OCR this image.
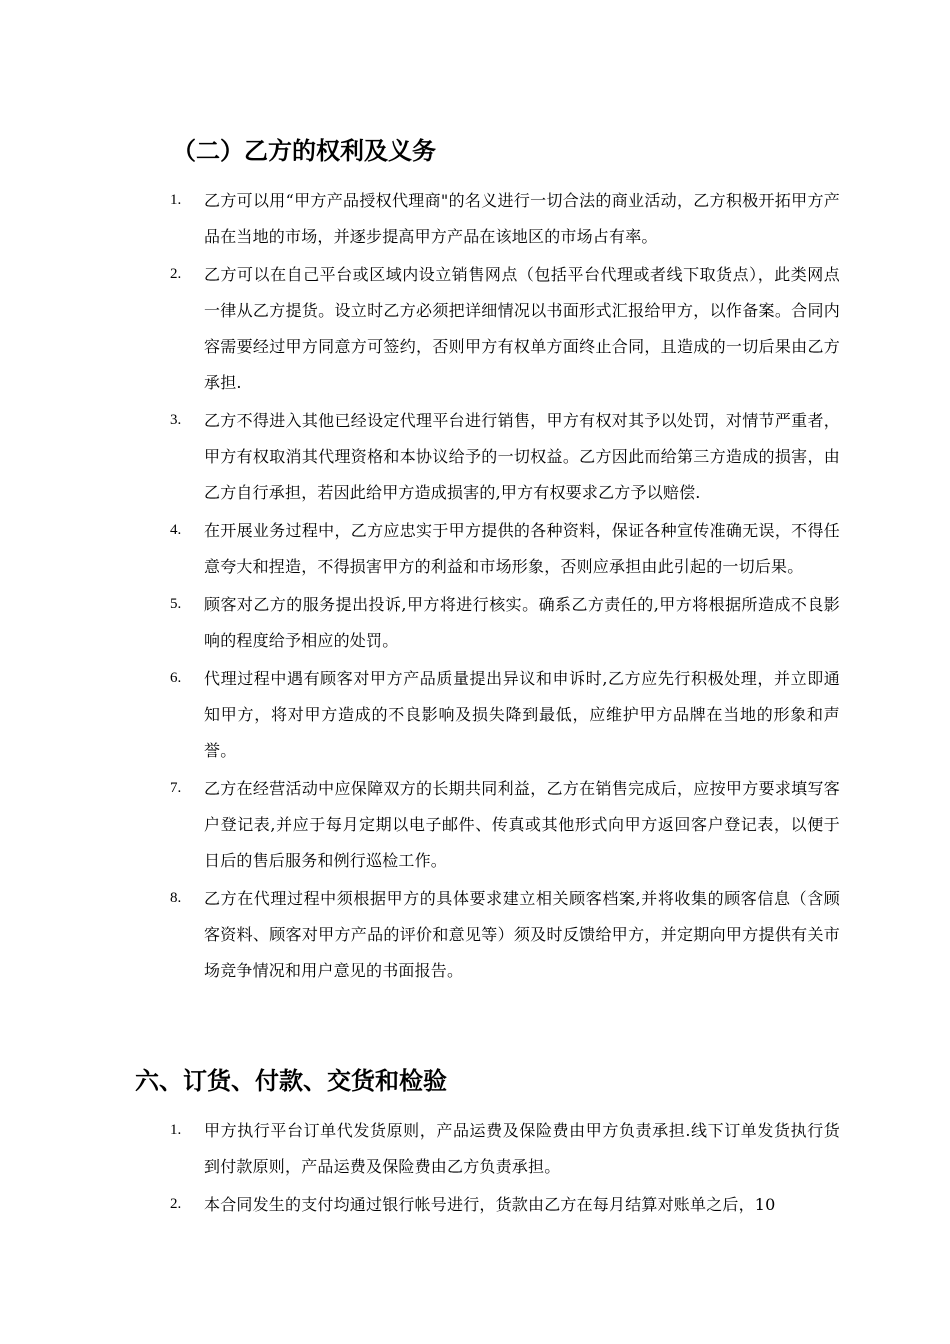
（二）乙方的权利及义务
1.	乙方可以用“甲方产品授权代理商"的名义进行一切合法的商业活动，乙方积极开拓甲方产品在当地的市场，并逐步提高甲方产品在该地区的市场占有率。
2.	乙方可以在自己平台或区域内设立销售网点（包括平台代理或者线下取货点），此类网点一律从乙方提货。设立时乙方必须把详细情况以书面形式汇报给甲方，以作备案。合同内容需要经过甲方同意方可签约，否则甲方有权单方面终止合同，且造成的一切后果由乙方承担.
3.	乙方不得进入其他已经设定代理平台进行销售，甲方有权对其予以处罚，对情节严重者，甲方有权取消其代理资格和本协议给予的一切权益。乙方因此而给第三方造成的损害，由乙方自行承担，若因此给甲方造成损害的,甲方有权要求乙方予以赔偿.
4.	在开展业务过程中，乙方应忠实于甲方提供的各种资料，保证各种宣传准确无误，不得任意夸大和捏造，不得损害甲方的利益和市场形象，否则应承担由此引起的一切后果。
5.	顾客对乙方的服务提出投诉,甲方将进行核实。确系乙方责任的,甲方将根据所造成不良影响的程度给予相应的处罚。
6.	代理过程中遇有顾客对甲方产品质量提出异议和申诉时,乙方应先行积极处理，并立即通知甲方，将对甲方造成的不良影响及损失降到最低，应维护甲方品牌在当地的形象和声誉。
7.	乙方在经营活动中应保障双方的长期共同利益，乙方在销售完成后，应按甲方要求填写客户登记表,并应于每月定期以电子邮件、传真或其他形式向甲方返回客户登记表，以便于日后的售后服务和例行巡检工作。
8.	乙方在代理过程中须根据甲方的具体要求建立相关顾客档案,并将收集的顾客信息（含顾客资料、顾客对甲方产品的评价和意见等）须及时反馈给甲方，并定期向甲方提供有关市场竞争情况和用户意见的书面报告。
六、订货、付款、交货和检验
1.	甲方执行平台订单代发货原则，产品运费及保险费由甲方负责承担.线下订单发货执行货到付款原则，产品运费及保险费由乙方负责承担。
2.	本合同发生的支付均通过银行帐号进行，货款由乙方在每月结算对账单之后，10
